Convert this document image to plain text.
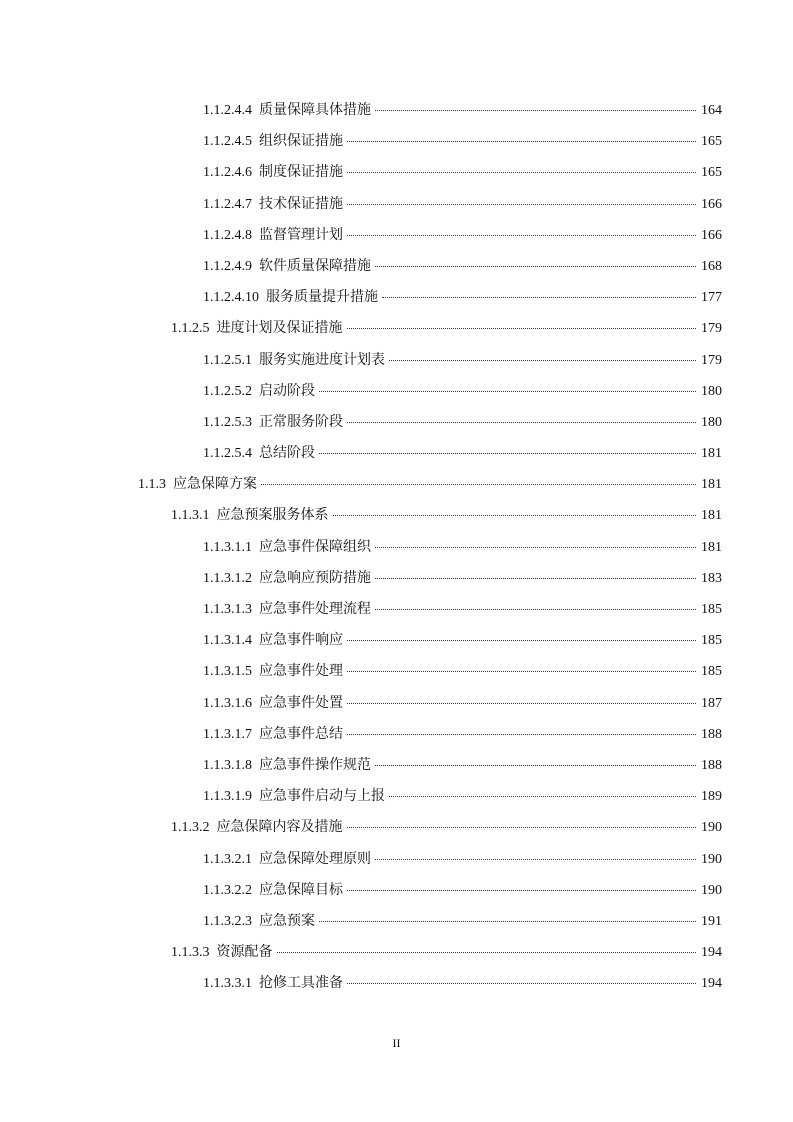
1.1.2.4.4 质量保障具体措施	164
1.1.2.4.5 组织保证措施	165
1.1.2.4.6 制度保证措施	165
1.1.2.4.7 技术保证措施	166
1.1.2.4.8 监督管理计划	166
1.1.2.4.9 软件质量保障措施	168
1.1.2.4.10 服务质量提升措施	177
1.1.2.5 进度计划及保证措施	179
1.1.2.5.1 服务实施进度计划表	179
1.1.2.5.2 启动阶段	180
1.1.2.5.3 正常服务阶段	180
1.1.2.5.4 总结阶段	181
1.1.3 应急保障方案	181
1.1.3.1 应急预案服务体系	181
1.1.3.1.1 应急事件保障组织	181
1.1.3.1.2 应急响应预防措施	183
1.1.3.1.3 应急事件处理流程	185
1.1.3.1.4 应急事件响应	185
1.1.3.1.5 应急事件处理	185
1.1.3.1.6 应急事件处置	187
1.1.3.1.7 应急事件总结	188
1.1.3.1.8 应急事件操作规范	188
1.1.3.1.9 应急事件启动与上报	189
1.1.3.2 应急保障内容及措施	190
1.1.3.2.1 应急保障处理原则	190
1.1.3.2.2 应急保障目标	190
1.1.3.2.3 应急预案	191
1.1.3.3 资源配备	194
1.1.3.3.1 抢修工具准备	194
II
